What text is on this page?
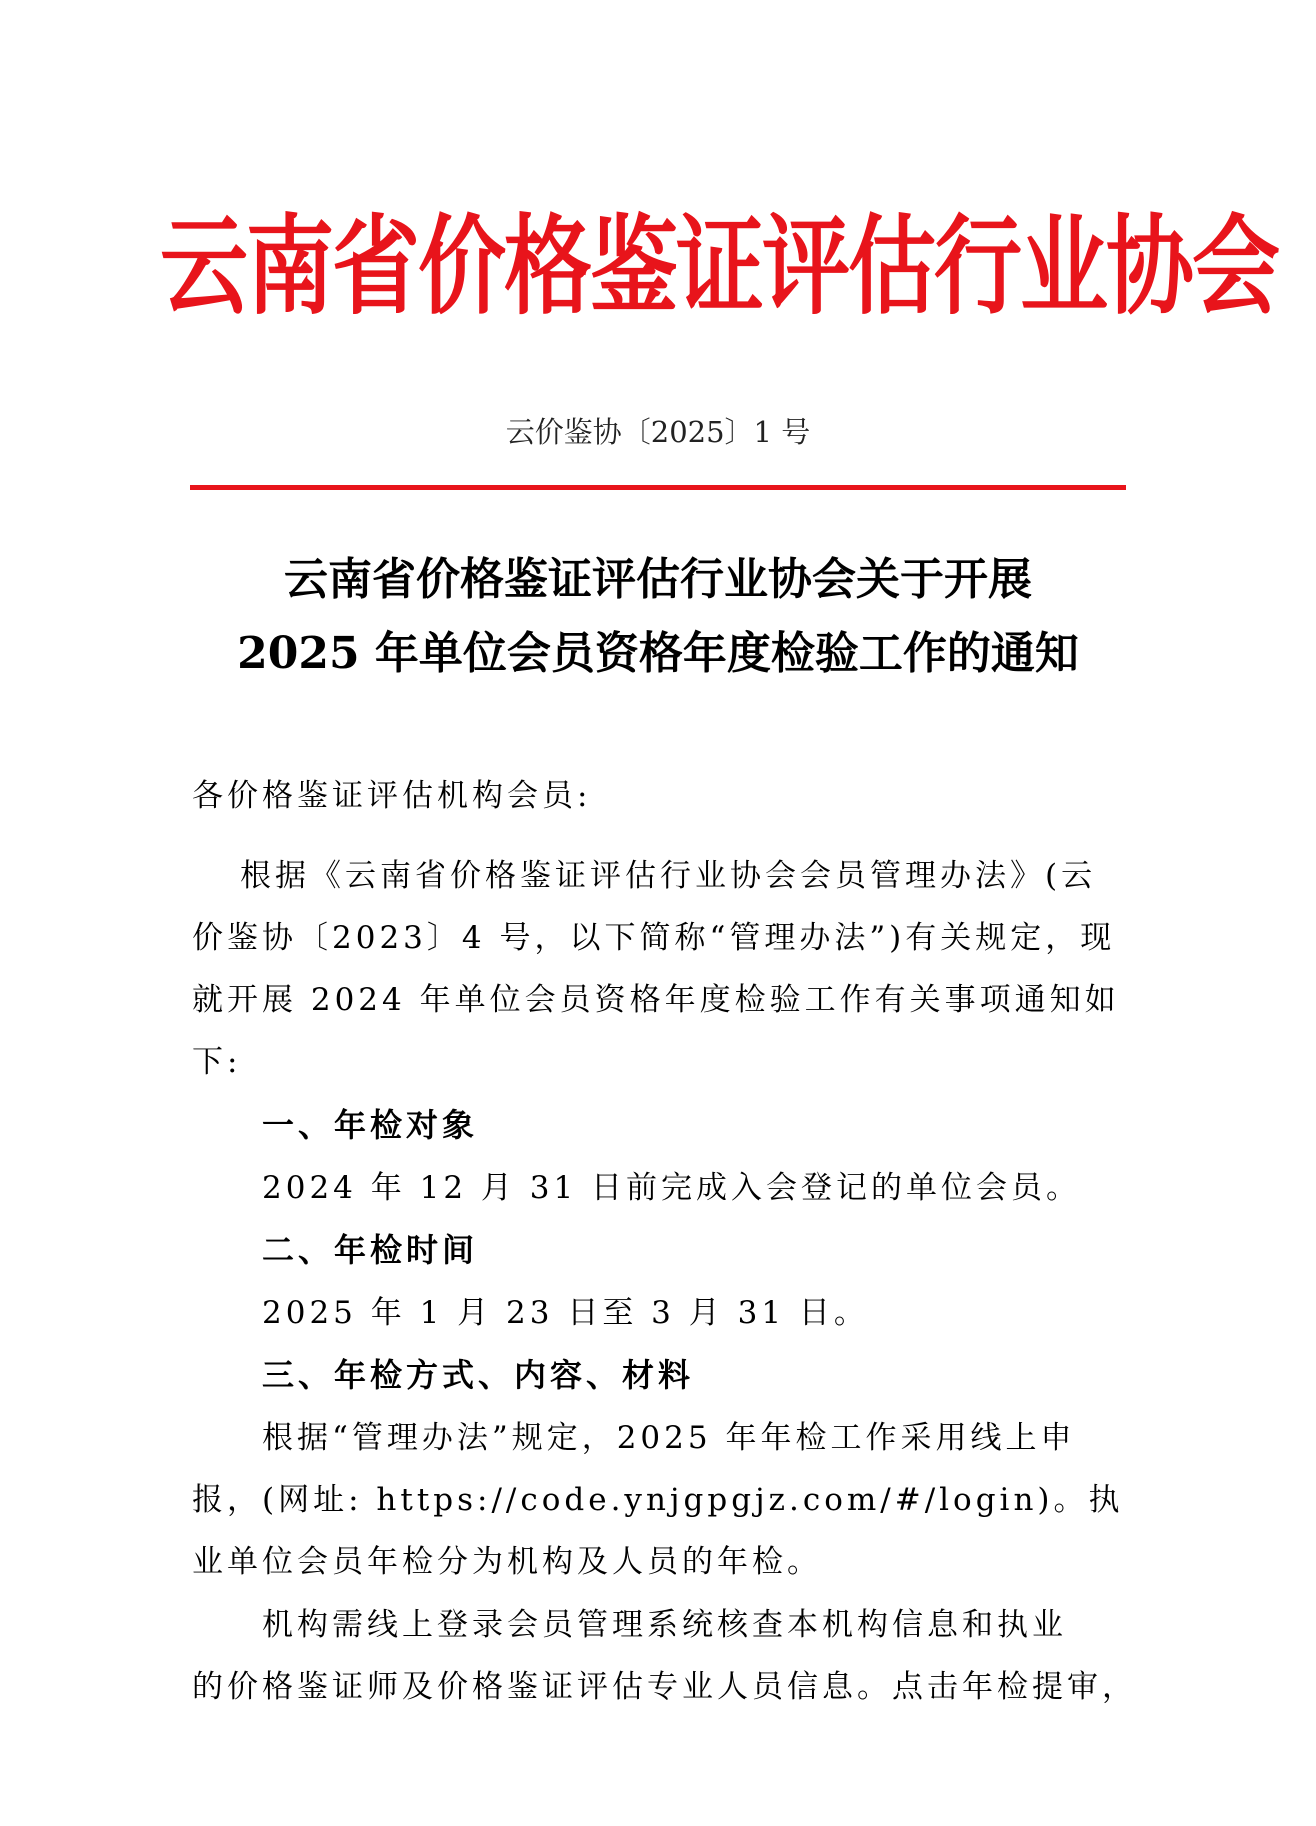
云南省价格鉴证评估行业协会
云价鉴协〔2025〕1 号
云南省价格鉴证评估行业协会关于开展
2025 年单位会员资格年度检验工作的通知
各价格鉴证评估机构会员:
根据《云南省价格鉴证评估行业协会会员管理办法》(云
价鉴协〔2023〕4 号，以下简称“管理办法”)有关规定，现
就开展 2024 年单位会员资格年度检验工作有关事项通知如
下:
一、年检对象
2024 年 12 月 31 日前完成入会登记的单位会员。
二、年检时间
2025 年 1 月 23 日至 3 月 31 日。
三、年检方式、内容、材料
根据“管理办法”规定，2025 年年检工作采用线上申
报，(网址: https://code.ynjgpgjz.com/#/login)。执
业单位会员年检分为机构及人员的年检。
机构需线上登录会员管理系统核查本机构信息和执业
的价格鉴证师及价格鉴证评估专业人员信息。点击年检提审，
